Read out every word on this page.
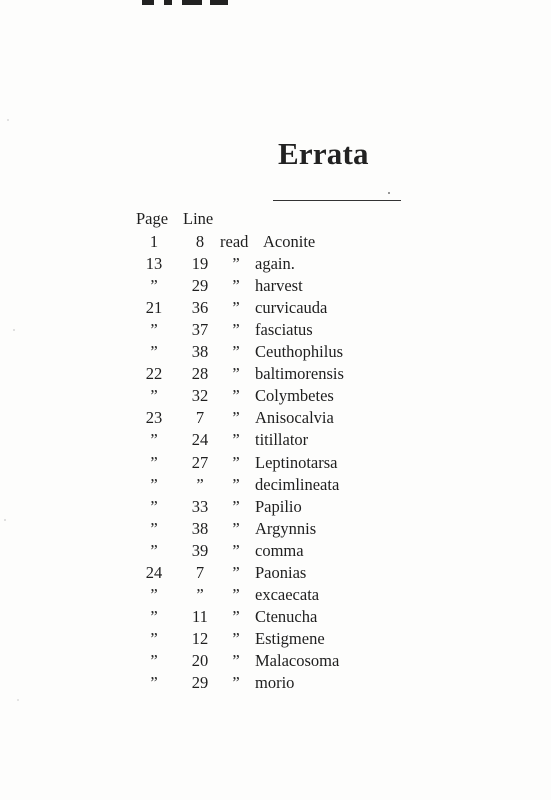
Errata
Page Line
1	8 read Aconite
13	19	” again.
”	29	” harvest
21	36	” curvicauda
”	37	” fasciatus
”	38	” Ceuthophilus
22	28	” baltimorensis
”	32	” Colymbetes
23	7	” Anisocalvia
”	24	” titillator
”	27	” Leptinotarsa
”	”	” decimlineata
”	33	” Papilio
”	38	” Argynnis
”	39	” comma
24	7	” Paonias
”	”	” excaecata
”	11	” Ctenucha
”	12	” Estigmene
”	20	” Malacosoma
”	29	” morio
